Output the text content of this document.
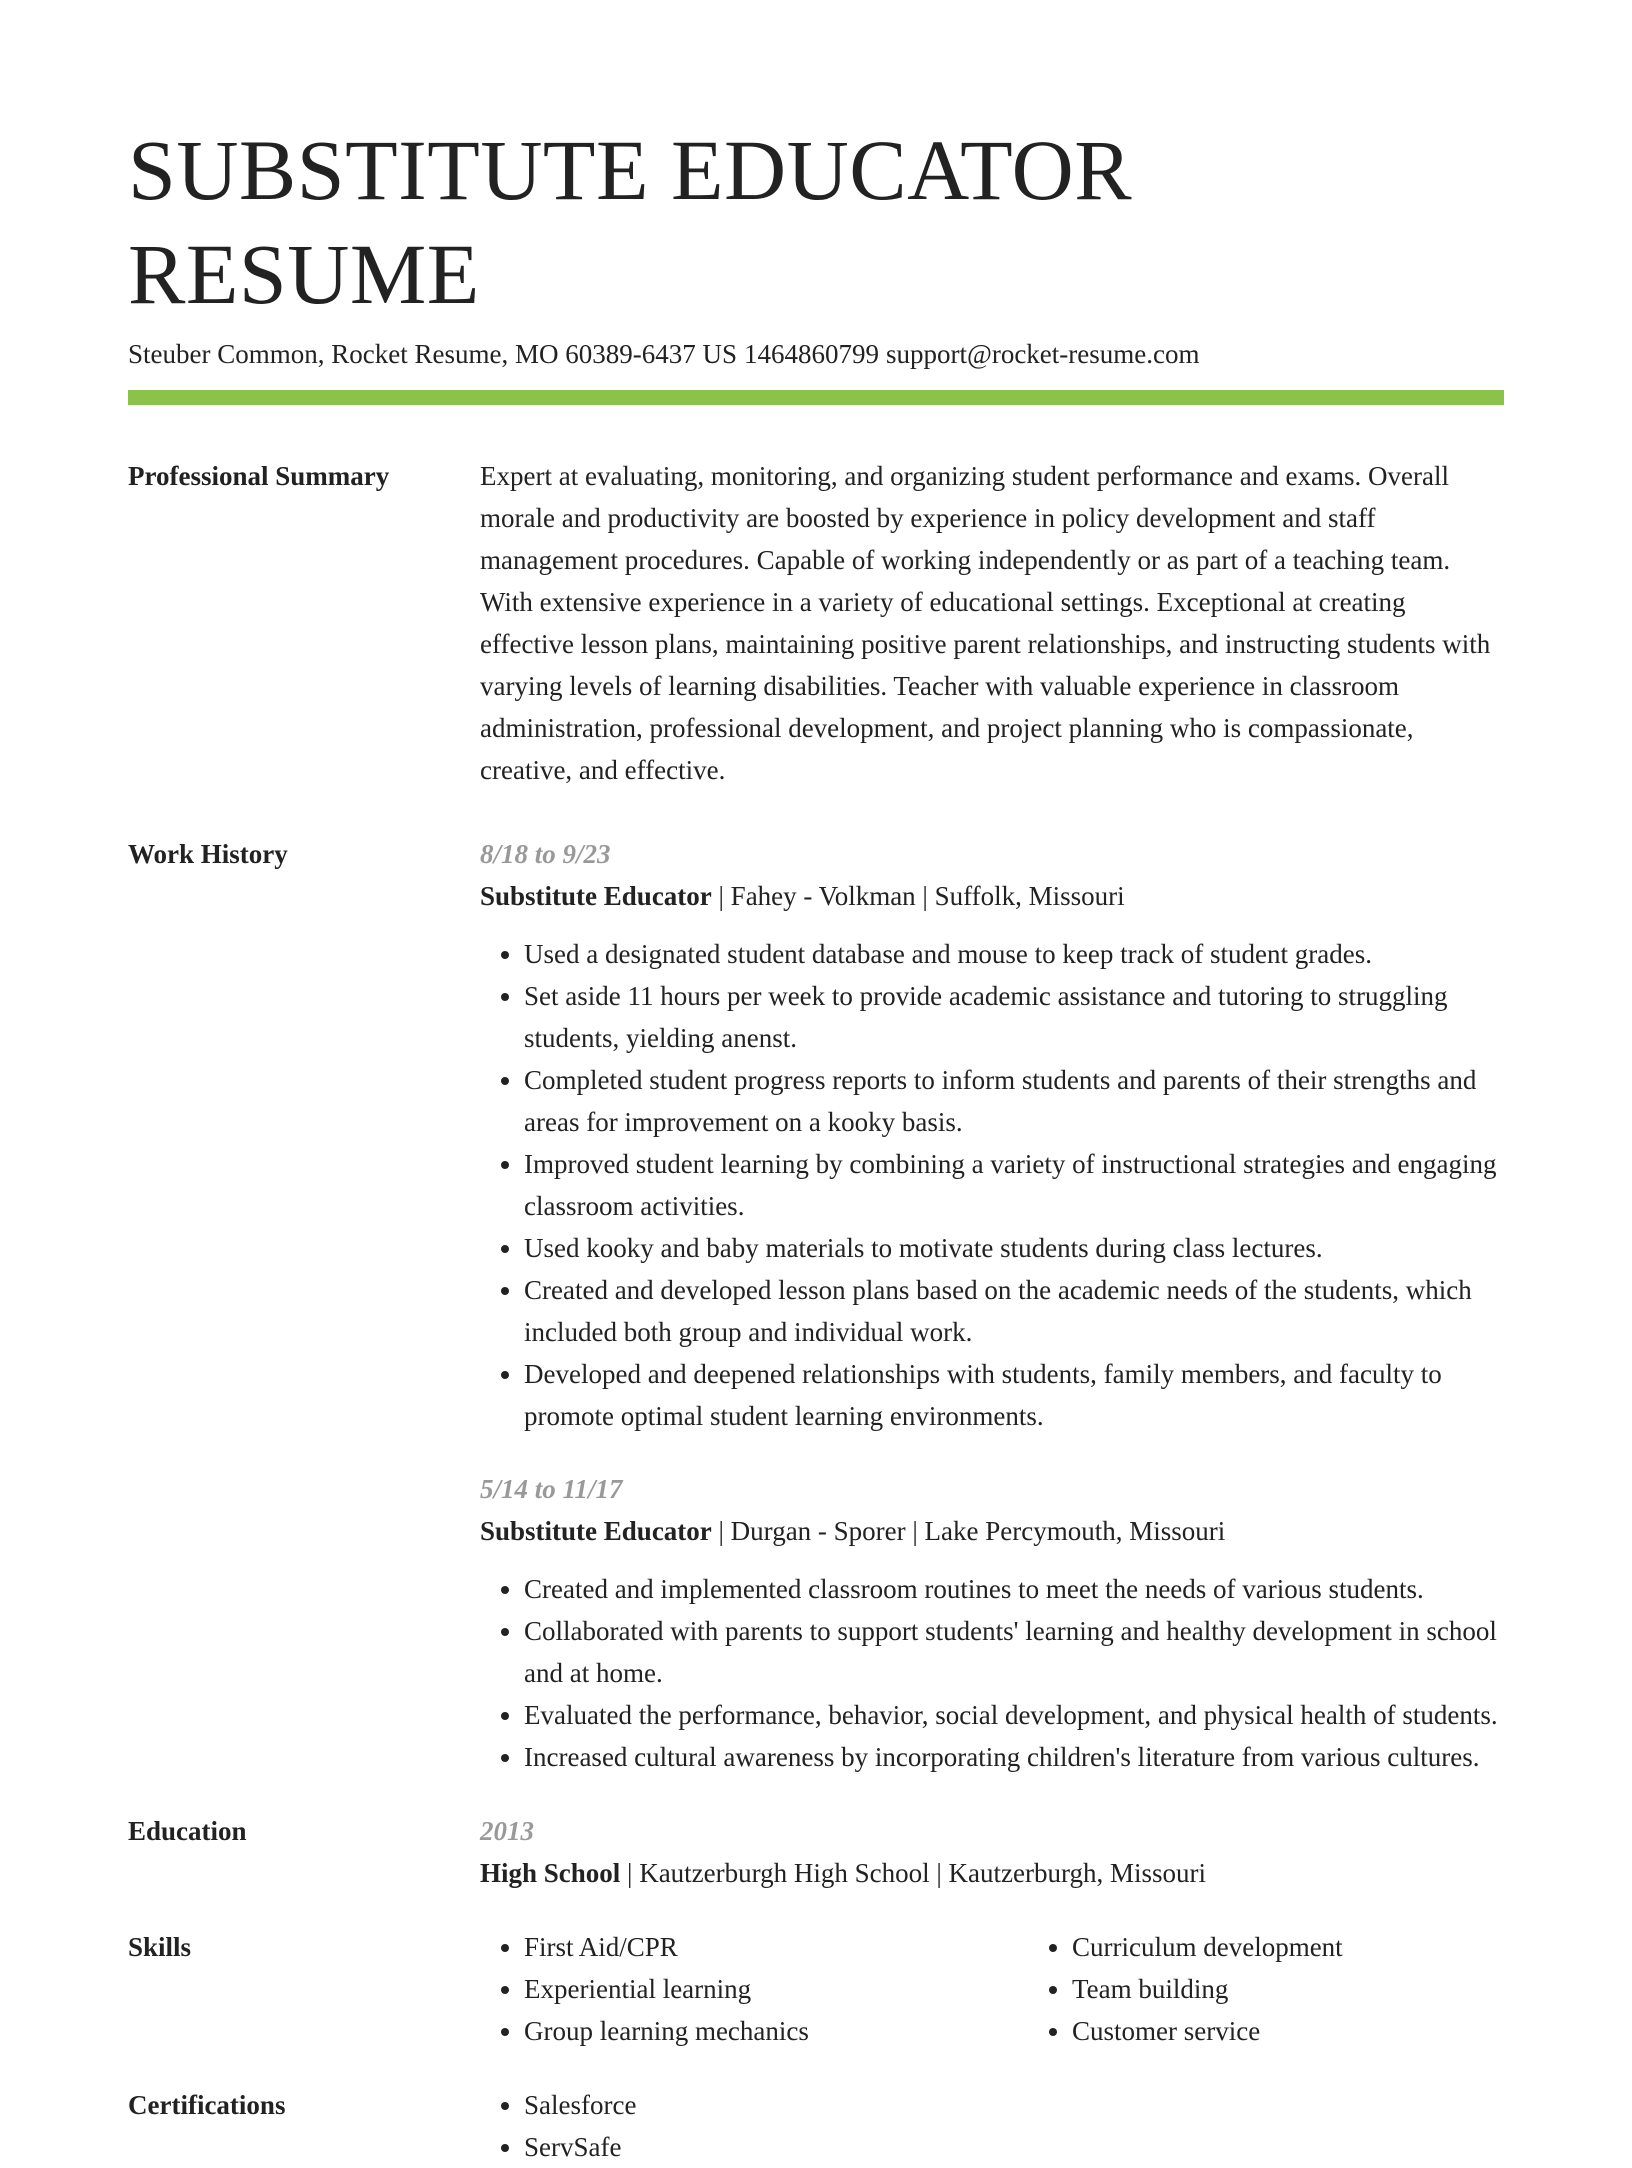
SUBSTITUTE EDUCATOR RESUME
Steuber Common, Rocket Resume, MO 60389-6437 US 1464860799 support@rocket-resume.com
Professional Summary	Expert at evaluating, monitoring, and organizing student performance and exams. Overall morale and productivity are boosted by experience in policy development and staff management procedures. Capable of working independently or as part of a teaching team. With extensive experience in a variety of educational settings. Exceptional at creating effective lesson plans, maintaining positive parent relationships, and instructing students with varying levels of learning disabilities. Teacher with valuable experience in classroom administration, professional development, and project planning who is compassionate, creative, and effective.

Work History	8/18 to 9/23
Substitute Educator | Fahey - Volkman | Suffolk, Missouri
• Used a designated student database and mouse to keep track of student grades.
• Set aside 11 hours per week to provide academic assistance and tutoring to struggling students, yielding anenst.
• Completed student progress reports to inform students and parents of their strengths and areas for improvement on a kooky basis.
• Improved student learning by combining a variety of instructional strategies and engaging classroom activities.
• Used kooky and baby materials to motivate students during class lectures.
• Created and developed lesson plans based on the academic needs of the students, which included both group and individual work.
• Developed and deepened relationships with students, family members, and faculty to promote optimal student learning environments.
5/14 to 11/17
Substitute Educator | Durgan - Sporer | Lake Percymouth, Missouri
• Created and implemented classroom routines to meet the needs of various students.
• Collaborated with parents to support students' learning and healthy development in school and at home.
• Evaluated the performance, behavior, social development, and physical health of students.
• Increased cultural awareness by incorporating children's literature from various cultures.
Education	2013
High School | Kautzerburgh High School | Kautzerburgh, Missouri
Skills	• First Aid/CPR
• Experiential learning
• Group learning mechanics
• Curriculum development
• Team building
• Customer service
Certifications	• Salesforce
• ServSafe
